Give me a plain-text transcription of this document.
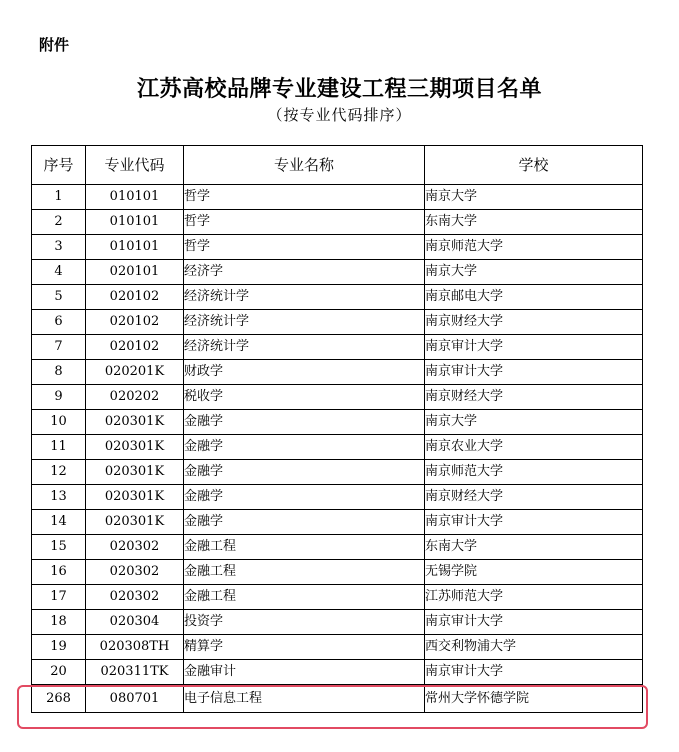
附件
江苏高校品牌专业建设工程三期项目名单
（按专业代码排序）
序号	专业代码	专业名称	学校
1	010101	哲学	南京大学
2	010101	哲学	东南大学
3	010101	哲学	南京师范大学
4	020101	经济学	南京大学
5	020102	经济统计学	南京邮电大学
6	020102	经济统计学	南京财经大学
7	020102	经济统计学	南京审计大学
8	020201K	财政学	南京审计大学
9	020202	税收学	南京财经大学
10	020301K	金融学	南京大学
11	020301K	金融学	南京农业大学
12	020301K	金融学	南京师范大学
13	020301K	金融学	南京财经大学
14	020301K	金融学	南京审计大学
15	020302	金融工程	东南大学
16	020302	金融工程	无锡学院
17	020302	金融工程	江苏师范大学
18	020304	投资学	南京审计大学
19	020308TH	精算学	西交利物浦大学
20	020311TK	金融审计	南京审计大学
268	080701	电子信息工程	常州大学怀德学院
